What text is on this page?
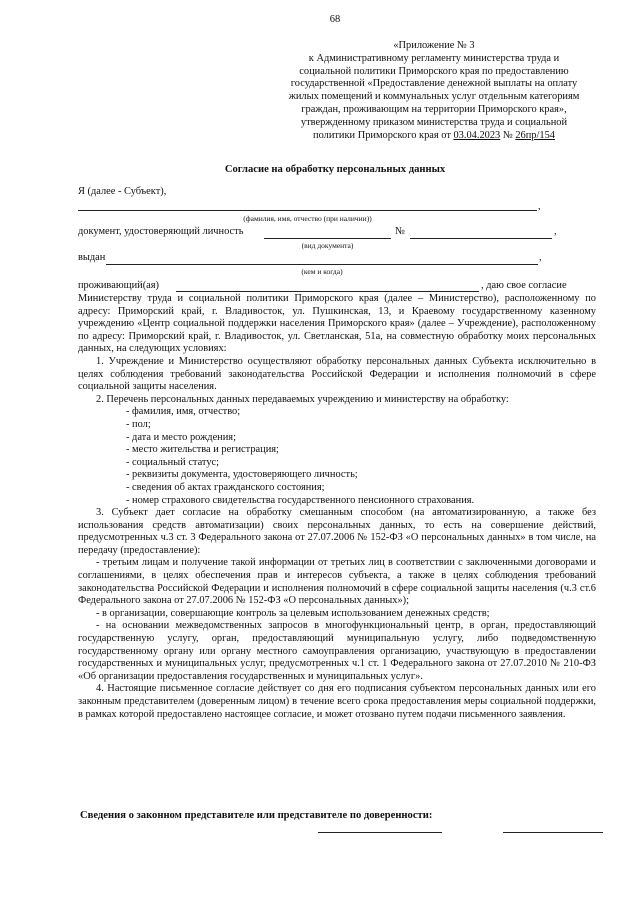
68
«Приложение № 3
к Административному регламенту министерства труда и
социальной политики Приморского края по предоставлению
государственной «Предоставление денежной выплаты на оплату
жилых помещений и коммунальных услуг отдельным категориям
граждан, проживающим на территории Приморского края»,
утвержденному приказом министерства труда и социальной
политики Приморского края от 03.04.2023 № 26пр/154
Согласие на обработку персональных данных
Я (далее - Субъект),
,
(фамилия, имя, отчество (при наличии))
документ, удостоверяющий личность	№	,
(вид документа)
выдан	,
(кем и когда)
проживающий(ая)	, даю свое согласие

Министерству труда и социальной политики Приморского края (далее – Министерство), расположенному по адресу: Приморский край, г. Владивосток, ул. Пушкинская, 13, и Краевому государственному казенному учреждению «Центр социальной поддержки населения Приморского края» (далее – Учреждение), расположенному по адресу: Приморский край, г. Владивосток, ул. Светланская, 51а, на совместную обработку моих персональных данных, на следующих условиях:

1. Учреждение и Министерство осуществляют обработку персональных данных Субъекта исключительно в целях соблюдения требований законодательства Российской Федерации и исполнения полномочий в сфере социальной защиты населения.

2. Перечень персональных данных передаваемых учреждению и министерству на обработку:

- фамилия, имя, отчество;
- пол;
- дата и место рождения;
- место жительства и регистрация;
- социальный статус;
- реквизиты документа, удостоверяющего личность;
- сведения об актах гражданского состояния;
- номер страхового свидетельства государственного пенсионного страхования.

3. Субъект дает согласие на обработку смешанным способом (на автоматизированную, а также без использования средств автоматизации) своих персональных данных, то есть на совершение действий, предусмотренных ч.3 ст. 3 Федерального закона от 27.07.2006 № 152-ФЗ «О персональных данных» в том числе, на передачу (предоставление):

- третьим лицам и получение такой информации от третьих лиц в соответствии с заключенными договорами и соглашениями, в целях обеспечения прав и интересов субъекта, а также в целях соблюдения требований законодательства Российской Федерации и исполнения полномочий в сфере социальной защиты населения (ч.3 ст.6 Федерального закона от 27.07.2006 № 152-ФЗ «О персональных данных»);

- в организации, совершающие контроль за целевым использованием денежных средств;

- на основании межведомственных запросов в многофункциональный центр, в орган, предоставляющий государственную услугу, орган, предоставляющий муниципальную услугу, либо подведомственную государственному органу или органу местного самоуправления организацию, участвующую в предоставлении государственных и муниципальных услуг, предусмотренных ч.1 ст. 1 Федерального закона от 27.07.2010 № 210-ФЗ «Об организации предоставления государственных и муниципальных услуг».

4. Настоящие письменное согласие действует со дня его подписания субъектом персональных данных или его законным представителем (доверенным лицом) в течение всего срока предоставления меры социальной поддержки, в рамках которой предоставлено настоящее согласие, и может отозвано путем подачи письменного заявления.

Сведения о законном представителе или представителе по доверенности:
